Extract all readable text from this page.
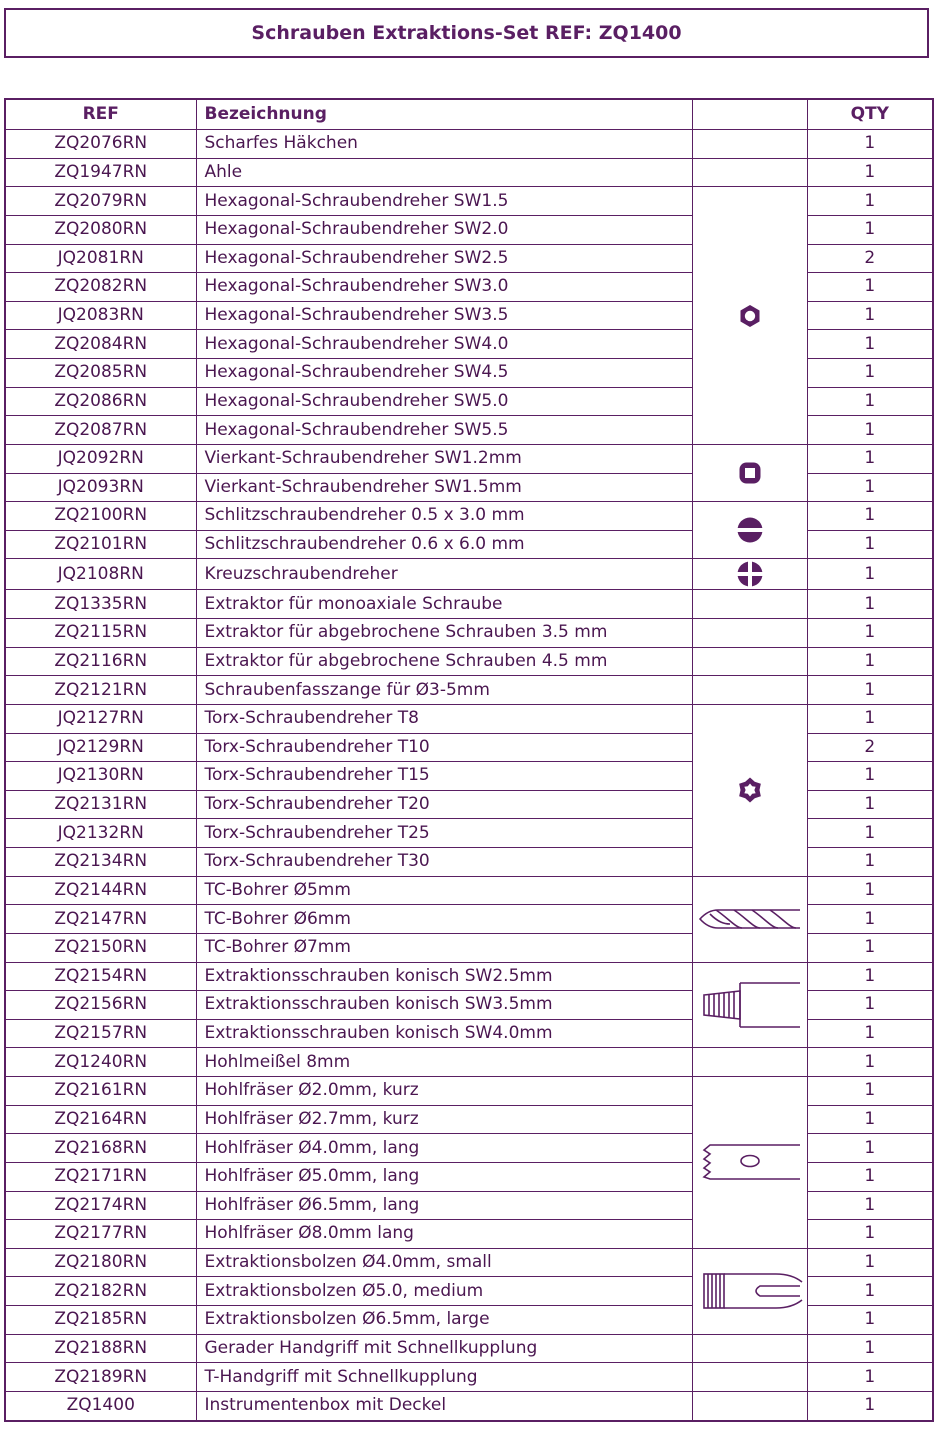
Schrauben Extraktions-Set REF: ZQ1400
REF	Bezeichnung		QTY
ZQ2076RN	Scharfes Häkchen		1
ZQ1947RN	Ahle		1
ZQ2079RN	Hexagonal-Schraubendreher SW1.5		1
ZQ2080RN	Hexagonal-Schraubendreher SW2.0		1
JQ2081RN	Hexagonal-Schraubendreher SW2.5		2
ZQ2082RN	Hexagonal-Schraubendreher SW3.0		1
JQ2083RN	Hexagonal-Schraubendreher SW3.5		1
ZQ2084RN	Hexagonal-Schraubendreher SW4.0		1
ZQ2085RN	Hexagonal-Schraubendreher SW4.5		1
ZQ2086RN	Hexagonal-Schraubendreher SW5.0		1
ZQ2087RN	Hexagonal-Schraubendreher SW5.5		1
JQ2092RN	Vierkant-Schraubendreher SW1.2mm		1
JQ2093RN	Vierkant-Schraubendreher SW1.5mm		1
ZQ2100RN	Schlitzschraubendreher 0.5 x 3.0 mm		1
ZQ2101RN	Schlitzschraubendreher 0.6 x 6.0 mm		1
JQ2108RN	Kreuzschraubendreher		1
ZQ1335RN	Extraktor für monoaxiale Schraube		1
ZQ2115RN	Extraktor für abgebrochene Schrauben 3.5 mm		1
ZQ2116RN	Extraktor für abgebrochene Schrauben 4.5 mm		1
ZQ2121RN	Schraubenfasszange für Ø3-5mm		1
JQ2127RN	Torx-Schraubendreher T8		1
JQ2129RN	Torx-Schraubendreher T10		2
JQ2130RN	Torx-Schraubendreher T15		1
ZQ2131RN	Torx-Schraubendreher T20		1
JQ2132RN	Torx-Schraubendreher T25		1
ZQ2134RN	Torx-Schraubendreher T30		1
ZQ2144RN	TC-Bohrer Ø5mm		1
ZQ2147RN	TC-Bohrer Ø6mm		1
ZQ2150RN	TC-Bohrer Ø7mm		1
ZQ2154RN	Extraktionsschrauben konisch SW2.5mm		1
ZQ2156RN	Extraktionsschrauben konisch SW3.5mm		1
ZQ2157RN	Extraktionsschrauben konisch SW4.0mm		1
ZQ1240RN	Hohlmeißel 8mm		1
ZQ2161RN	Hohlfräser Ø2.0mm, kurz		1
ZQ2164RN	Hohlfräser Ø2.7mm, kurz		1
ZQ2168RN	Hohlfräser Ø4.0mm, lang		1
ZQ2171RN	Hohlfräser Ø5.0mm, lang		1
ZQ2174RN	Hohlfräser Ø6.5mm, lang		1
ZQ2177RN	Hohlfräser Ø8.0mm lang		1
ZQ2180RN	Extraktionsbolzen Ø4.0mm, small		1
ZQ2182RN	Extraktionsbolzen Ø5.0, medium		1
ZQ2185RN	Extraktionsbolzen Ø6.5mm, large		1
ZQ2188RN	Gerader Handgriff mit Schnellkupplung		1
ZQ2189RN	T-Handgriff mit Schnellkupplung		1
ZQ1400	Instrumentenbox mit Deckel		1
